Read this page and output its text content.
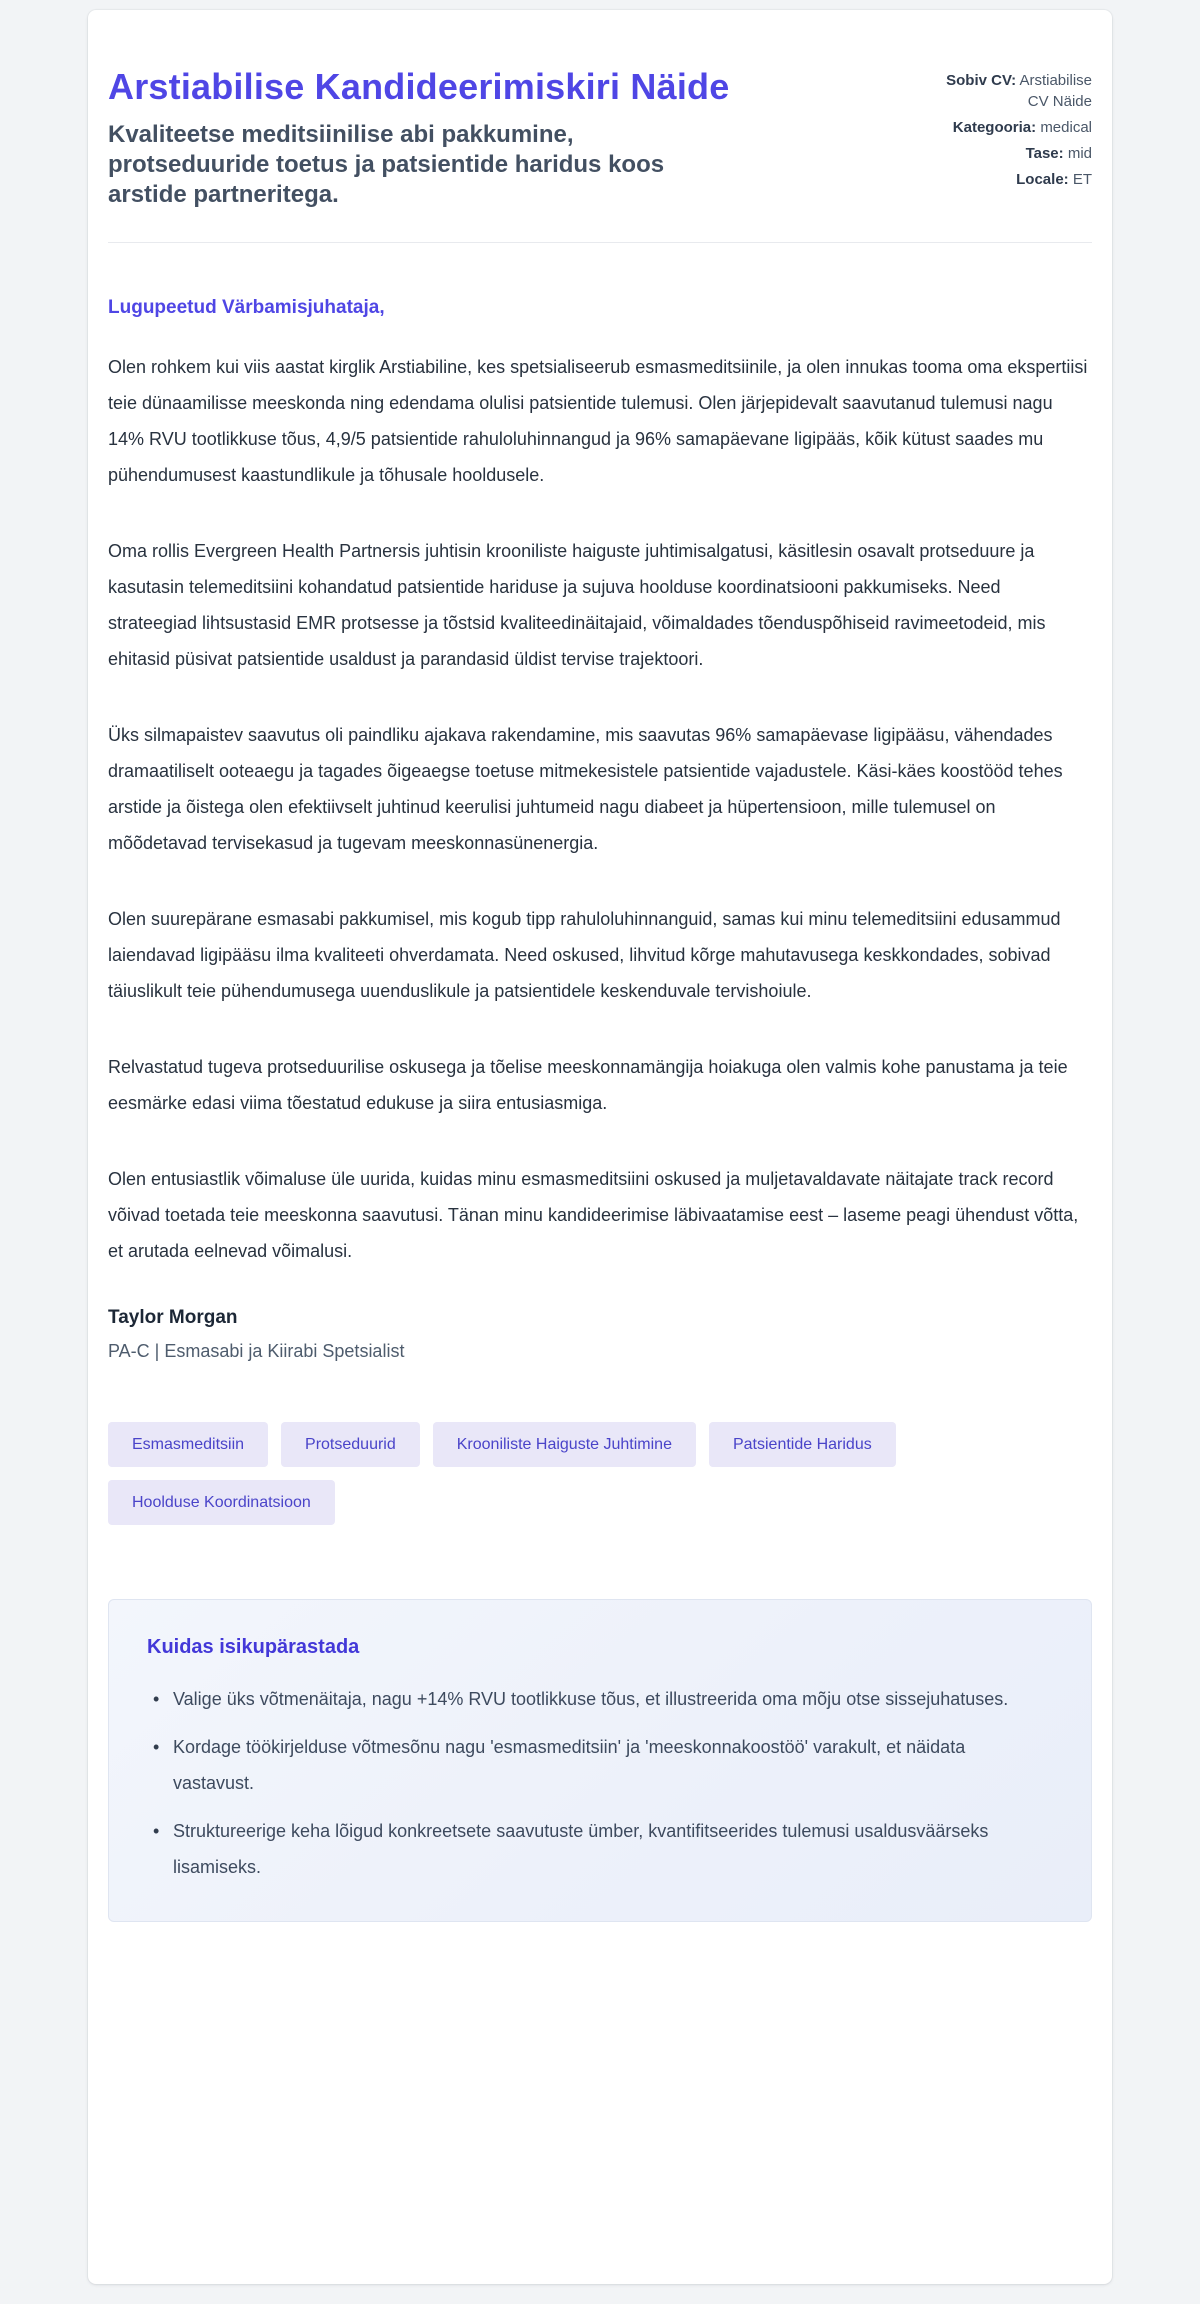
Arstiabilise Kandideerimiskiri Näide
Kvaliteetse meditsiinilise abi pakkumine, protseduuride toetus ja patsientide haridus koos arstide partneritega.
Sobiv CV: Arstiabilise CV Näide
Kategooria: medical
Tase: mid
Locale: ET
Lugupeetud Värbamisjuhataja,

Olen rohkem kui viis aastat kirglik Arstiabiline, kes spetsialiseerub esmasmeditsiinile, ja olen innukas tooma oma ekspertiisi teie dünaamilisse meeskonda ning edendama olulisi patsientide tulemusi. Olen järjepidevalt saavutanud tulemusi nagu 14% RVU tootlikkuse tõus, 4,9/5 patsientide rahuloluhinnangud ja 96% samapäevane ligipääs, kõik kütust saades mu pühendumusest kaastundlikule ja tõhusale hooldusele.

Oma rollis Evergreen Health Partnersis juhtisin krooniliste haiguste juhtimisalgatusi, käsitlesin osavalt protseduure ja kasutasin telemeditsiini kohandatud patsientide hariduse ja sujuva hoolduse koordinatsiooni pakkumiseks. Need strateegiad lihtsustasid EMR protsesse ja tõstsid kvaliteedinäitajaid, võimaldades tõenduspõhiseid ravimeetodeid, mis ehitasid püsivat patsientide usaldust ja parandasid üldist tervise trajektoori.

Üks silmapaistev saavutus oli paindliku ajakava rakendamine, mis saavutas 96% samapäevase ligipääsu, vähendades dramaatiliselt ooteaegu ja tagades õigeaegse toetuse mitmekesistele patsientide vajadustele. Käsi-käes koostööd tehes arstide ja õistega olen efektiivselt juhtinud keerulisi juhtumeid nagu diabeet ja hüpertensioon, mille tulemusel on mõõdetavad tervisekasud ja tugevam meeskonnasünenergia.

Olen suurepärane esmasabi pakkumisel, mis kogub tipp rahuloluhinnanguid, samas kui minu telemeditsiini edusammud laiendavad ligipääsu ilma kvaliteeti ohverdamata. Need oskused, lihvitud kõrge mahutavusega keskkondades, sobivad täiuslikult teie pühendumusega uuenduslikule ja patsientidele keskenduvale tervishoiule.

Relvastatud tugeva protseduurilise oskusega ja tõelise meeskonnamängija hoiakuga olen valmis kohe panustama ja teie eesmärke edasi viima tõestatud edukuse ja siira entusiasmiga.

Olen entusiastlik võimaluse üle uurida, kuidas minu esmasmeditsiini oskused ja muljetavaldavate näitajate track record võivad toetada teie meeskonna saavutusi. Tänan minu kandideerimise läbivaatamise eest – laseme peagi ühendust võtta, et arutada eelnevad võimalusi.

Taylor Morgan
PA-C | Esmasabi ja Kiirabi Spetsialist
Esmasmeditsiin	Protseduurid	Krooniliste Haiguste Juhtimine	Patsientide Haridus
Hoolduse Koordinatsioon
Kuidas isikupärastada
• Valige üks võtmenäitaja, nagu +14% RVU tootlikkuse tõus, et illustreerida oma mõju otse sissejuhatuses.
• Kordage töökirjelduse võtmesõnu nagu 'esmasmeditsiin' ja 'meeskonnakoostöö' varakult, et näidata vastavust.
• Struktureerige keha lõigud konkreetsete saavutuste ümber, kvantifitseerides tulemusi usaldusväärseks lisamiseks.
